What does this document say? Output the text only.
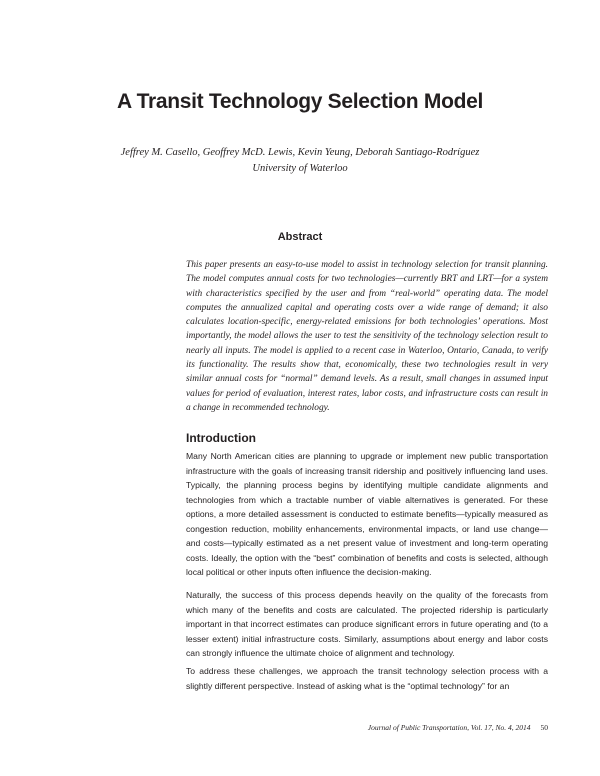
A Transit Technology Selection Model
Jeffrey M. Casello, Geoffrey McD. Lewis, Kevin Yeung, Deborah Santiago-Rodríguez
University of Waterloo
Abstract

This paper presents an easy-to-use model to assist in technology selection for transit planning. The model computes annual costs for two technologies—currently BRT and LRT—for a system with characteristics specified by the user and from “real-world” operating data. The model computes the annualized capital and operating costs over a wide range of demand; it also calculates location-specific, energy-related emissions for both technologies’ operations. Most importantly, the model allows the user to test the sensitivity of the technology selection result to nearly all inputs. The model is applied to a recent case in Waterloo, Ontario, Canada, to verify its functionality. The results show that, economically, these two technologies result in very similar annual costs for “normal” demand levels. As a result, small changes in assumed input values for period of evaluation, interest rates, labor costs, and infrastructure costs can result in a change in recommended technology.

Introduction

Many North American cities are planning to upgrade or implement new public transportation infrastructure with the goals of increasing transit ridership and positively influencing land uses. Typically, the planning process begins by identifying multiple candidate alignments and technologies from which a tractable number of viable alternatives is generated. For these options, a more detailed assessment is conducted to estimate benefits—typically measured as congestion reduction, mobility enhancements, environmental impacts, or land use change—and costs—typically estimated as a net present value of investment and long-term operating costs. Ideally, the option with the “best” combination of benefits and costs is selected, although local political or other inputs often influence the decision-making.

Naturally, the success of this process depends heavily on the quality of the forecasts from which many of the benefits and costs are calculated. The projected ridership is particularly important in that incorrect estimates can produce significant errors in future operating and (to a lesser extent) initial infrastructure costs. Similarly, assumptions about energy and labor costs can strongly influence the ultimate choice of alignment and technology.

To address these challenges, we approach the transit technology selection process with a slightly different perspective. Instead of asking what is the “optimal technology” for an

Journal of Public Transportation, Vol. 17, No. 4, 2014 50
